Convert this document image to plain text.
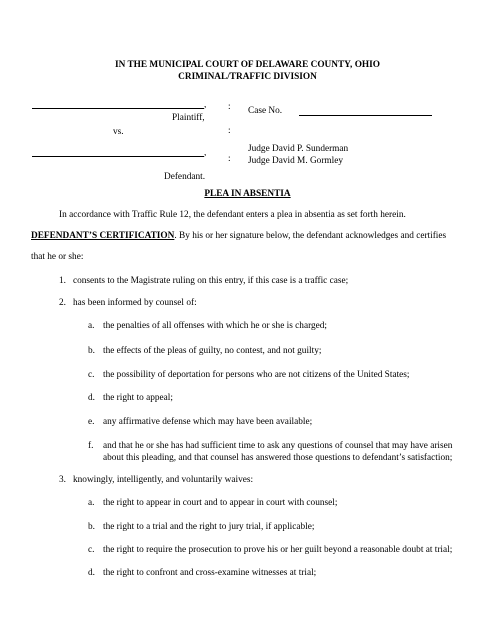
IN THE MUNICIPAL COURT OF DELAWARE COUNTY, OHIO
CRIMINAL/TRAFFIC DIVISION
,
Plaintiff,
vs.
,
Defendant.
:
:
:
Case No.
Judge David P. Sunderman
Judge David M. Gormley
PLEA IN ABSENTIA
In accordance with Traffic Rule 12, the defendant enters a plea in absentia as set forth herein.
DEFENDANT’S CERTIFICATION. By his or her signature below, the defendant acknowledges and certifies
that he or she:
1. consents to the Magistrate ruling on this entry, if this case is a traffic case;
2. has been informed by counsel of:
a. the penalties of all offenses with which he or she is charged;
b. the effects of the pleas of guilty, no contest, and not guilty;
c. the possibility of deportation for persons who are not citizens of the United States;
d. the right to appeal;
e. any affirmative defense which may have been available;
f. and that he or she has had sufficient time to ask any questions of counsel that may have arisen
about this pleading, and that counsel has answered those questions to defendant’s satisfaction;
3. knowingly, intelligently, and voluntarily waives:
a. the right to appear in court and to appear in court with counsel;
b. the right to a trial and the right to jury trial, if applicable;
c. the right to require the prosecution to prove his or her guilt beyond a reasonable doubt at trial;
d. the right to confront and cross-examine witnesses at trial;
